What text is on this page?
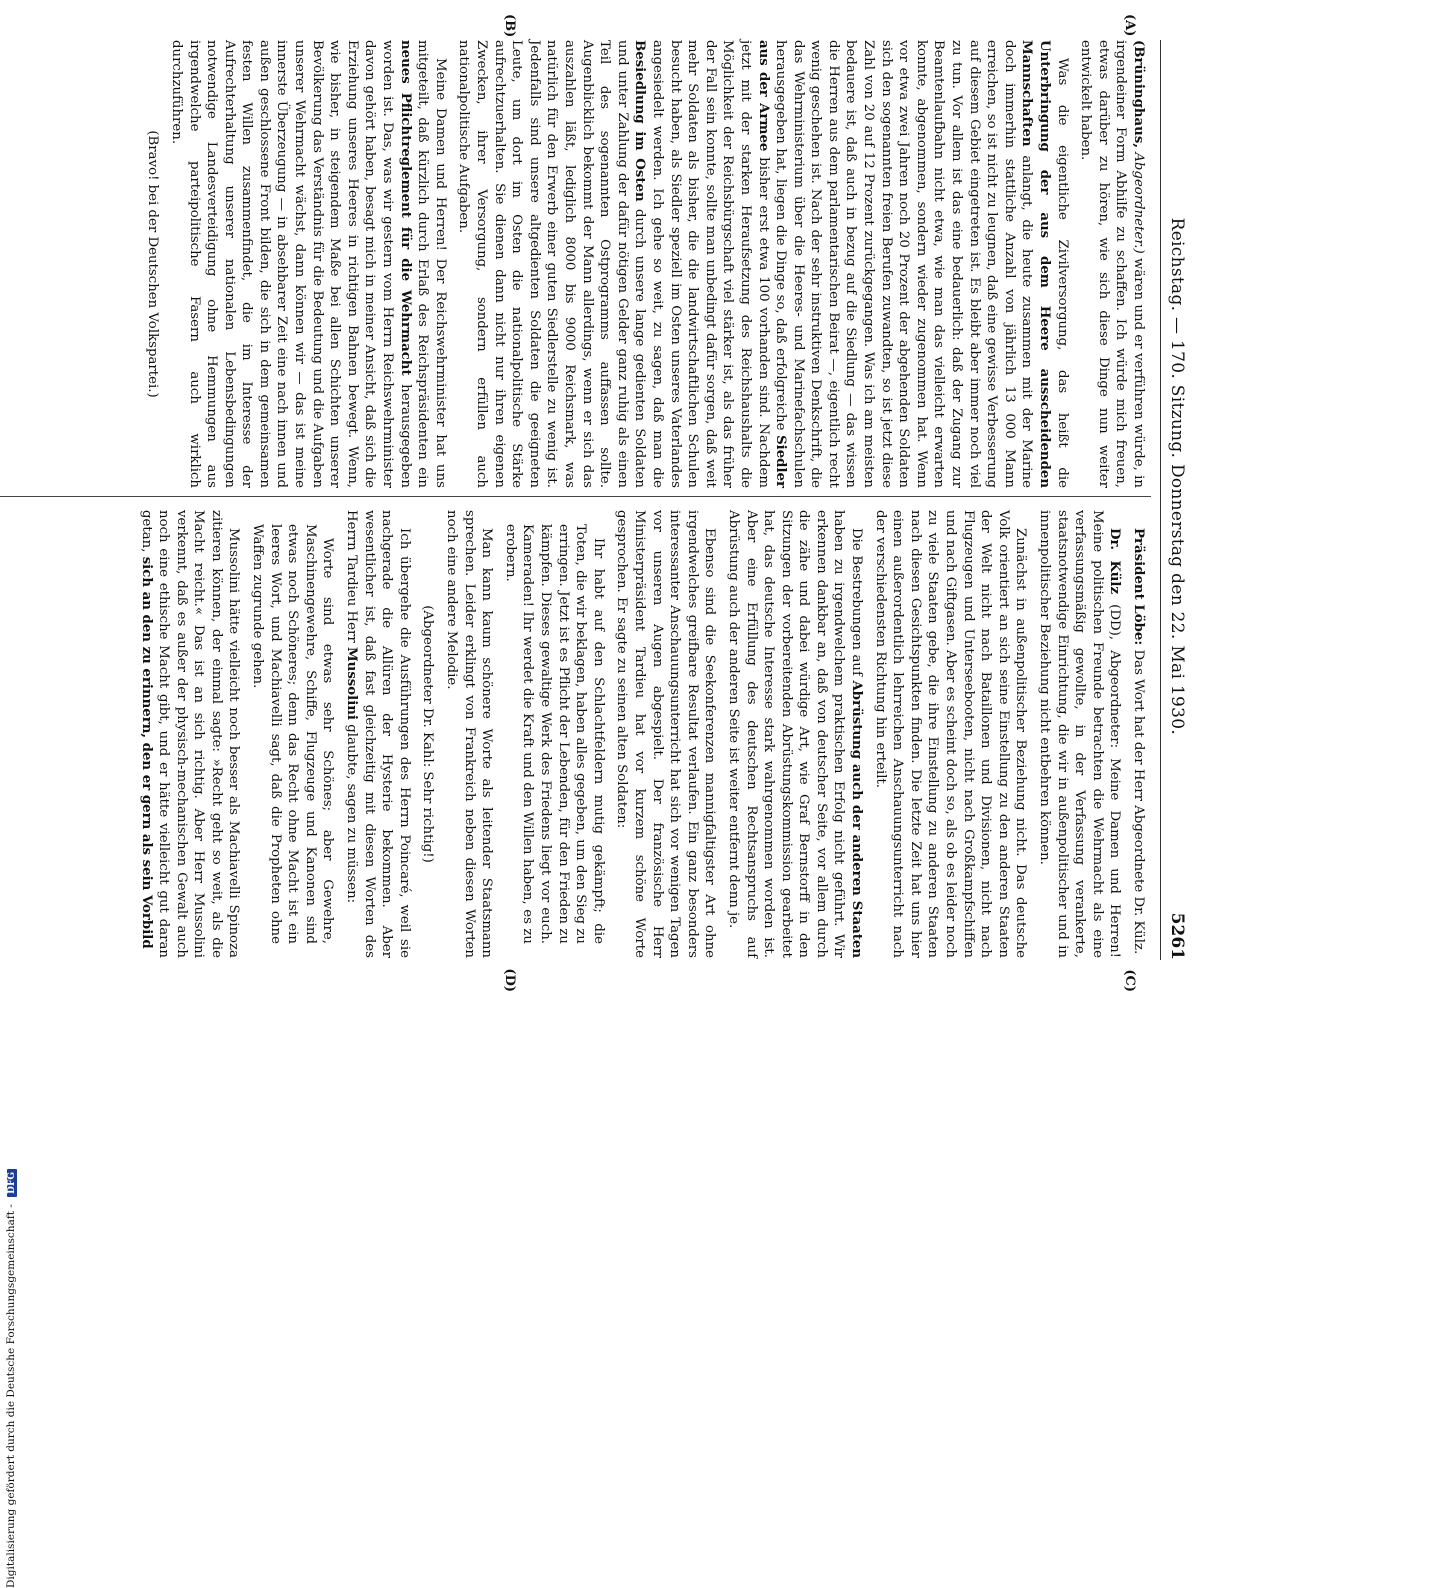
Reichstag. — 170. Sitzung. Donnerstag den 22. Mai 1930.
5261
(A)
(B)
(C)
(D)

(Brüninghaus, Abgeordneter.) wären und er verführen würde, in irgendeiner Form Abhilfe zu schaffen. Ich würde mich freuen, etwas darüber zu hören, wie sich diese Dinge nun weiter entwickelt haben.

Was die eigentliche Zivilversorgung, das heißt die Unterbringung der aus dem Heere ausscheidenden Mannschaften anlangt, die heute zusammen mit der Marine doch immerhin stattliche Anzahl von jährlich 13 000 Mann erreichen, so ist nicht zu leugnen, daß eine gewisse Verbesserung auf diesem Gebiet eingetreten ist. Es bleibt aber immer noch viel zu tun. Vor allem ist das eine bedauerlich: daß der Zugang zur Beamtenlaufbahn nicht etwa, wie man das vielleicht erwarten konnte, abgenommen, sondern wieder zugenommen hat. Wenn vor etwa zwei Jahren noch 20 Prozent der abgehenden Soldaten sich den sogenannten freien Berufen zuwandten, so ist jetzt diese Zahl von 20 auf 12 Prozent zurückgegangen. Was ich am meisten bedauere ist, daß auch in bezug auf die Siedlung — das wissen die Herren aus dem parlamentarischen Beirat —, eigentlich recht wenig geschehen ist. Nach der sehr instruktiven Denkschrift, die das Wehrministerium über die Heeres- und Marinefachschulen herausgegeben hat, liegen die Dinge so, daß erfolgreiche Siedler aus der Armee bisher erst etwa 100 vorhanden sind. Nachdem jetzt mit der starken Heraufsetzung des Reichshaushalts die Möglichkeit der Reichsbürgschaft viel stärker ist, als das früher der Fall sein konnte, sollte man unbedingt dafür sorgen, daß weit mehr Soldaten als bisher, die die landwirtschaftlichen Schulen besucht haben, als Siedler speziell im Osten unseres Vaterlandes angesiedelt werden. Ich gehe so weit, zu sagen, daß man die Besiedlung im Osten durch unsere lange gedienten Soldaten und unter Zahlung der dafür nötigen Gelder ganz ruhig als einen Teil des sogenannten Ostprogramms auffassen sollte. Augenblicklich bekommt der Mann allerdings, wenn er sich das auszahlen läßt, lediglich 8000 bis 9000 Reichsmark, was natürlich für den Erwerb einer guten Siedlerstelle zu wenig ist. Jedenfalls sind unsere altgedienten Soldaten die geeigneten Leute, um dort im Osten die nationalpolitische Stärke aufrechtzuerhalten. Sie dienen dann nicht nur ihren eigenen Zwecken, ihrer Versorgung, sondern erfüllen auch nationalpolitische Aufgaben.

Meine Damen und Herren! Der Reichswehrminister hat uns mitgeteilt, daß kürzlich durch Erlaß des Reichspräsidenten ein neues Pflichtreglement für die Wehrmacht herausgegeben worden ist. Das, was wir gestern vom Herrn Reichswehrminister davon gehört haben, besagt mich in meiner Ansicht, daß sich die Erziehung unseres Heeres in richtigen Bahnen bewegt. Wenn, wie bisher, in steigendem Maße bei allen Schichten unserer Bevölkerung das Verständnis für die Bedeutung und die Aufgaben unserer Wehrmacht wächst, dann können wir — das ist meine innerste Überzeugung — in absehbarer Zeit eine nach innen und außen geschlossene Front bilden, die sich in dem gemeinsamen festen Willen zusammenfindet, die im Interesse der Aufrechterhaltung unserer nationalen Lebensbedingungen notwendige Landesverteidigung ohne Hemmungen aus irgendwelche parteipolitische Fasern auch wirklich durchzuführen.

(Bravo! bei der Deutschen Volkspartei.)

Präsident Löbe: Das Wort hat der Herr Abgeordnete Dr. Külz.

Dr. Külz (DD), Abgeordneter: Meine Damen und Herren! Meine politischen Freunde betrachten die Wehrmacht als eine verfassungsmäßig gewollte, in der Verfassung verankerte, staatsnotwendige Einrichtung, die wir in außenpolitischer und in innenpolitischer Beziehung nicht entbehren können.

Zunächst in außenpolitischer Beziehung nicht. Das deutsche Volk orientiert an sich seine Einstellung zu den anderen Staaten der Welt nicht nach Bataillonen und Divisionen, nicht nach Flugzeugen und Unterseebooten, nicht nach Großkampfschiffen und nach Giftgasen. Aber es scheint doch so, als ob es leider noch zu viele Staaten gebe, die ihre Einstellung zu anderen Staaten nach diesen Gesichtspunkten finden. Die letzte Zeit hat uns hier einen außerordentlich lehrreichen Anschauungsunterricht nach der verschiedensten Richtung hin erteilt.

Die Bestrebungen auf Abrüstung auch der anderen Staaten haben zu irgendwelchem praktischen Erfolg nicht geführt. Wir erkennen dankbar an, daß von deutscher Seite, vor allem durch die zähe und dabei würdige Art, wie Graf Bernstorff in den Sitzungen der vorbereitenden Abrüstungskommission gearbeitet hat, das deutsche Interesse stark wahrgenommen worden ist. Aber eine Erfüllung des deutschen Rechtsanspruchs auf Abrüstung auch der anderen Seite ist weiter entfernt denn je.

Ebenso sind die Seekonferenzen mannigfaltigster Art ohne irgendwelches greifbare Resultat verlaufen. Ein ganz besonders interessanter Anschauungsunterricht hat sich vor wenigen Tagen vor unseren Augen abgespielt. Der französische Herr Ministerpräsident Tardieu hat vor kurzem schöne Worte gesprochen. Er sagte zu seinen alten Soldaten:

Ihr habt auf den Schlachtfeldern mutig gekämpft; die Toten, die wir beklagen, haben alles gegeben, um den Sieg zu erringen. Jetzt ist es Pflicht der Lebenden, für den Frieden zu kämpfen. Dieses gewaltige Werk des Friedens liegt vor euch. Kameraden! Ihr werdet die Kraft und den Willen haben, es zu erobern.

Man kann kaum schönere Worte als leitender Staatsmann sprechen. Leider erklingt von Frankreich neben diesen Worten noch eine andere Melodie.

(Abgeordneter Dr. Kahl: Sehr richtig!)

Ich übergehe die Ausführungen des Herrn Poincaré, weil sie nachgerade die Allüren der Hysterie bekommen. Aber wesentlicher ist, daß fast gleichzeitig mit diesen Worten des Herrn Tardieu Herr Mussolini glaubte, sagen zu müssen:

Worte sind etwas sehr Schönes; aber Gewehre, Maschinengewehre, Schiffe, Flugzeuge und Kanonen sind etwas noch Schöneres; denn das Recht ohne Macht ist ein leeres Wort, und Machiavelli sagt, daß die Propheten ohne Waffen zugrunde gehen.

Mussolini hätte vielleicht noch besser als Machiavelli Spinoza zitieren können, der einmal sagte: »Recht geht so weit, als die Macht reicht.« Das ist an sich richtig. Aber Herr Mussolini verkennt, daß es außer der physisch-mechanischen Gewalt auch noch eine ethische Macht gibt, und er hätte vielleicht gut daran getan, sich an den zu erinnern, den er gern als sein Vorbild

Digitalisierung gefördert durch die Deutsche Forschungsgemeinschaft - DFG
